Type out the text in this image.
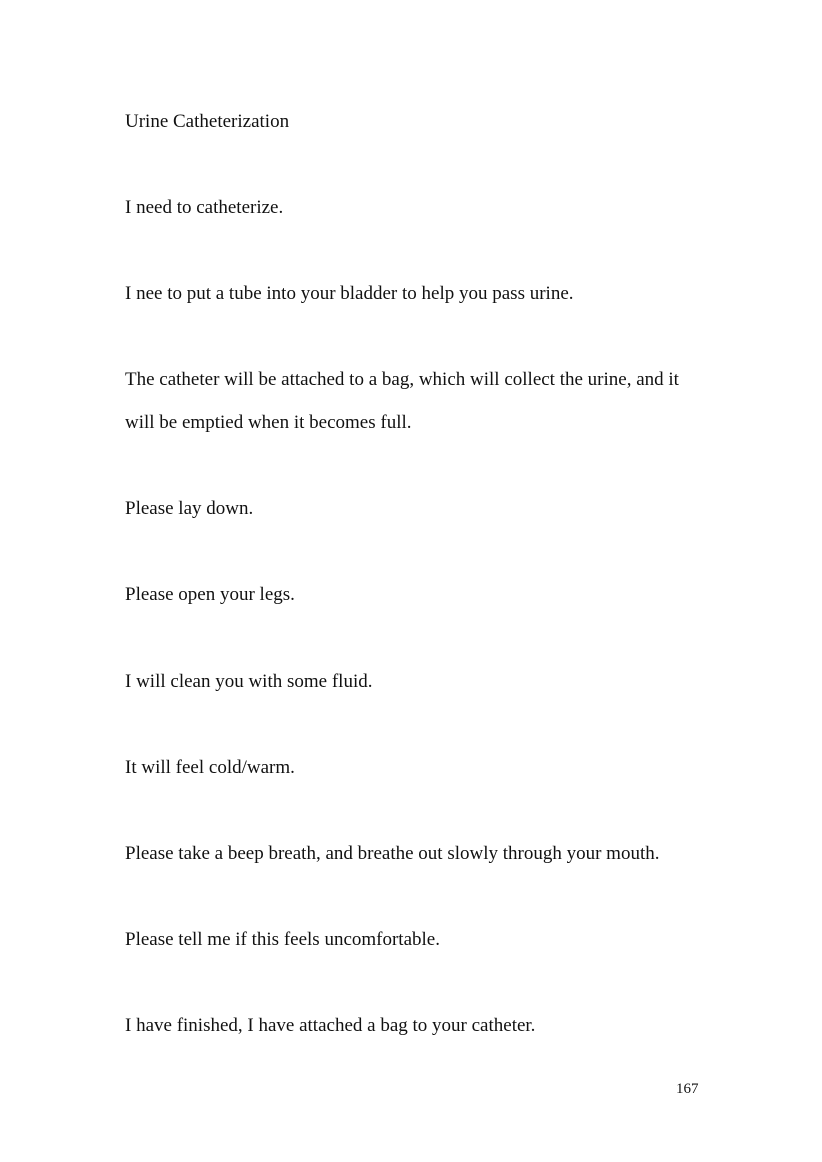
Urine Catheterization

I need to catheterize.

I nee to put a tube into your bladder to help you pass urine.

The catheter will be attached to a bag, which will collect the urine, and it

will be emptied when it becomes full.

Please lay down.

Please open your legs.

I will clean you with some fluid.

It will feel cold/warm.

Please take a beep breath, and breathe out slowly through your mouth.

Please tell me if this feels uncomfortable.

I have finished, I have attached a bag to your catheter.

167
